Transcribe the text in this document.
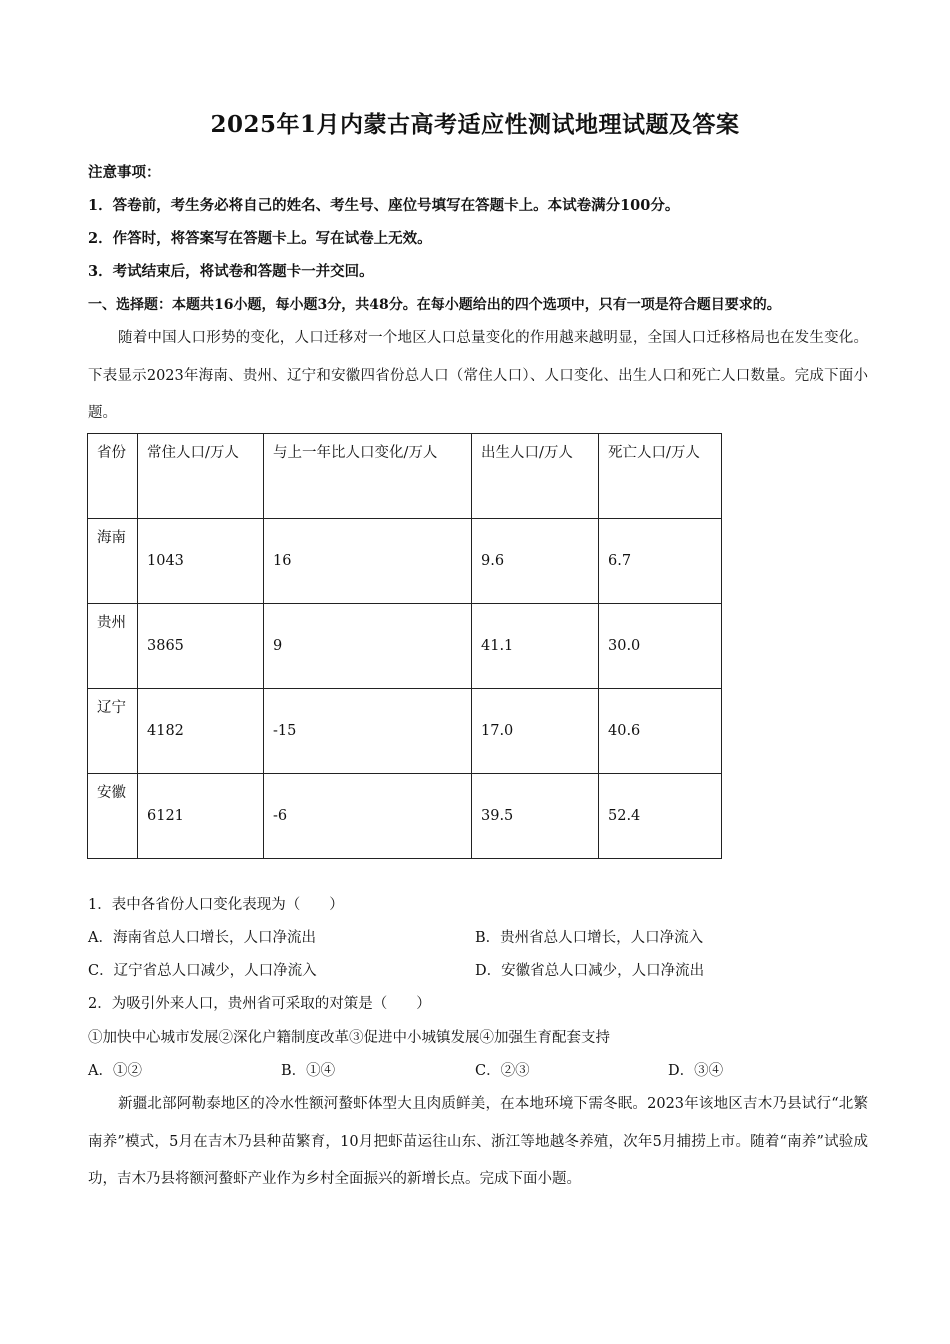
2025年1月内蒙古高考适应性测试地理试题及答案
注意事项：
1．答卷前，考生务必将自己的姓名、考生号、座位号填写在答题卡上。本试卷满分100分。
2．作答时，将答案写在答题卡上。写在试卷上无效。
3．考试结束后，将试卷和答题卡一并交回。
一、选择题：本题共16小题，每小题3分，共48分。在每小题给出的四个选项中，只有一项是符合题目要求的。
随着中国人口形势的变化，人口迁移对一个地区人口总量变化的作用越来越明显，全国人口迁移格局也在发生变化。下表显示2023年海南、贵州、辽宁和安徽四省份总人口（常住人口）、人口变化、出生人口和死亡人口数量。完成下面小题。
省份	常住人口/万人	与上一年比人口变化/万人	出生人口/万人	死亡人口/万人
海南	1043	16	9.6	6.7
贵州	3865	9	41.1	30.0
辽宁	4182	-15	17.0	40.6
安徽	6121	-6	39.5	52.4
1．表中各省份人口变化表现为（　　）
A．海南省总人口增长，人口净流出	B．贵州省总人口增长，人口净流入
C．辽宁省总人口减少，人口净流入	D．安徽省总人口减少，人口净流出
2．为吸引外来人口，贵州省可采取的对策是（　　）
①加快中心城市发展②深化户籍制度改革③促进中小城镇发展④加强生育配套支持
A．①②	B．①④	C．②③	D．③④
新疆北部阿勒泰地区的冷水性额河螯虾体型大且肉质鲜美，在本地环境下需冬眠。2023年该地区吉木乃县试行“北繁南养”模式，5月在吉木乃县种苗繁育，10月把虾苗运往山东、浙江等地越冬养殖，次年5月捕捞上市。随着“南养”试验成功，吉木乃县将额河螯虾产业作为乡村全面振兴的新增长点。完成下面小题。
